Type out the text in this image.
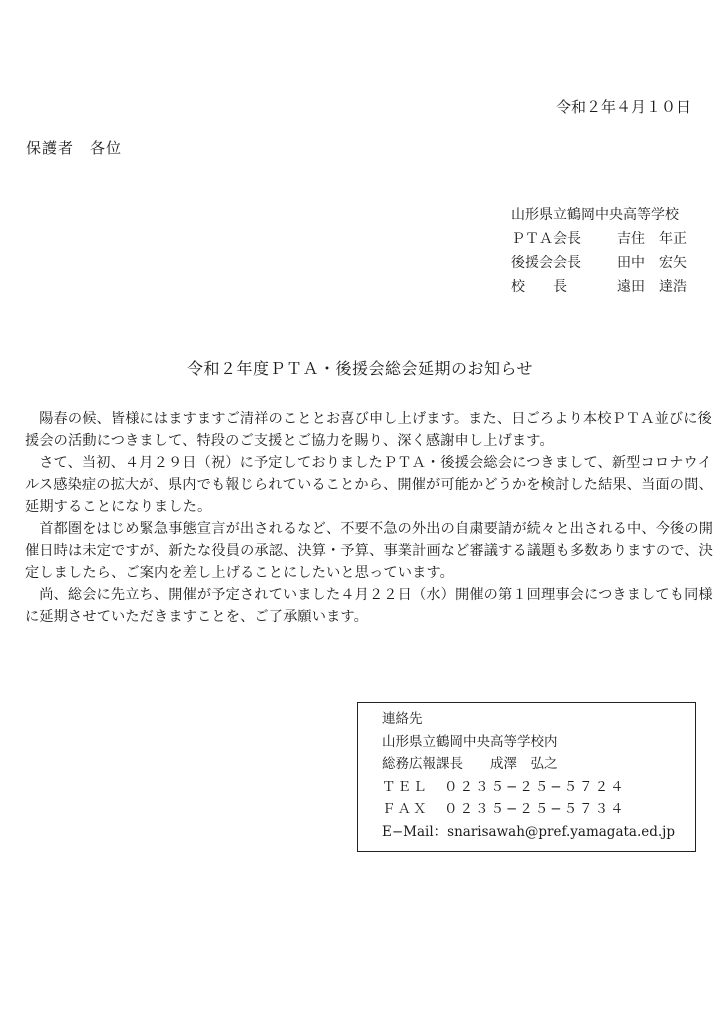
令和２年４月１０日
保護者　各位
山形県立鶴岡中央高等学校
ＰＴＡ会長	吉住　年正
後援会会長	田中　宏矢
校　　長	遠田　達浩
令和２年度ＰＴＡ・後援会総会延期のお知らせ

陽春の候、皆様にはますますご清祥のこととお喜び申し上げます。また、日ごろより本校ＰＴＡ並びに後援会の活動につきまして、特段のご支援とご協力を賜り、深く感謝申し上げます。

さて、当初、４月２９日（祝）に予定しておりましたＰＴＡ・後援会総会につきまして、新型コロナウイルス感染症の拡大が、県内でも報じられていることから、開催が可能かどうかを検討した結果、当面の間、延期することになりました。

首都圏をはじめ緊急事態宣言が出されるなど、不要不急の外出の自粛要請が続々と出される中、今後の開催日時は未定ですが、新たな役員の承認、決算・予算、事業計画など審議する議題も多数ありますので、決定しましたら、ご案内を差し上げることにしたいと思っています。

尚、総会に先立ち、開催が予定されていました４月２２日（水）開催の第１回理事会につきましても同様に延期させていただきますことを、ご了承願います。

連絡先
山形県立鶴岡中央高等学校内
総務広報課長　　成澤　弘之
ＴＥＬ　０２３５−２５−５７２４
ＦＡＸ　０２３５−２５−５７３４
E−Mail：snarisawah@pref.yamagata.ed.jp
